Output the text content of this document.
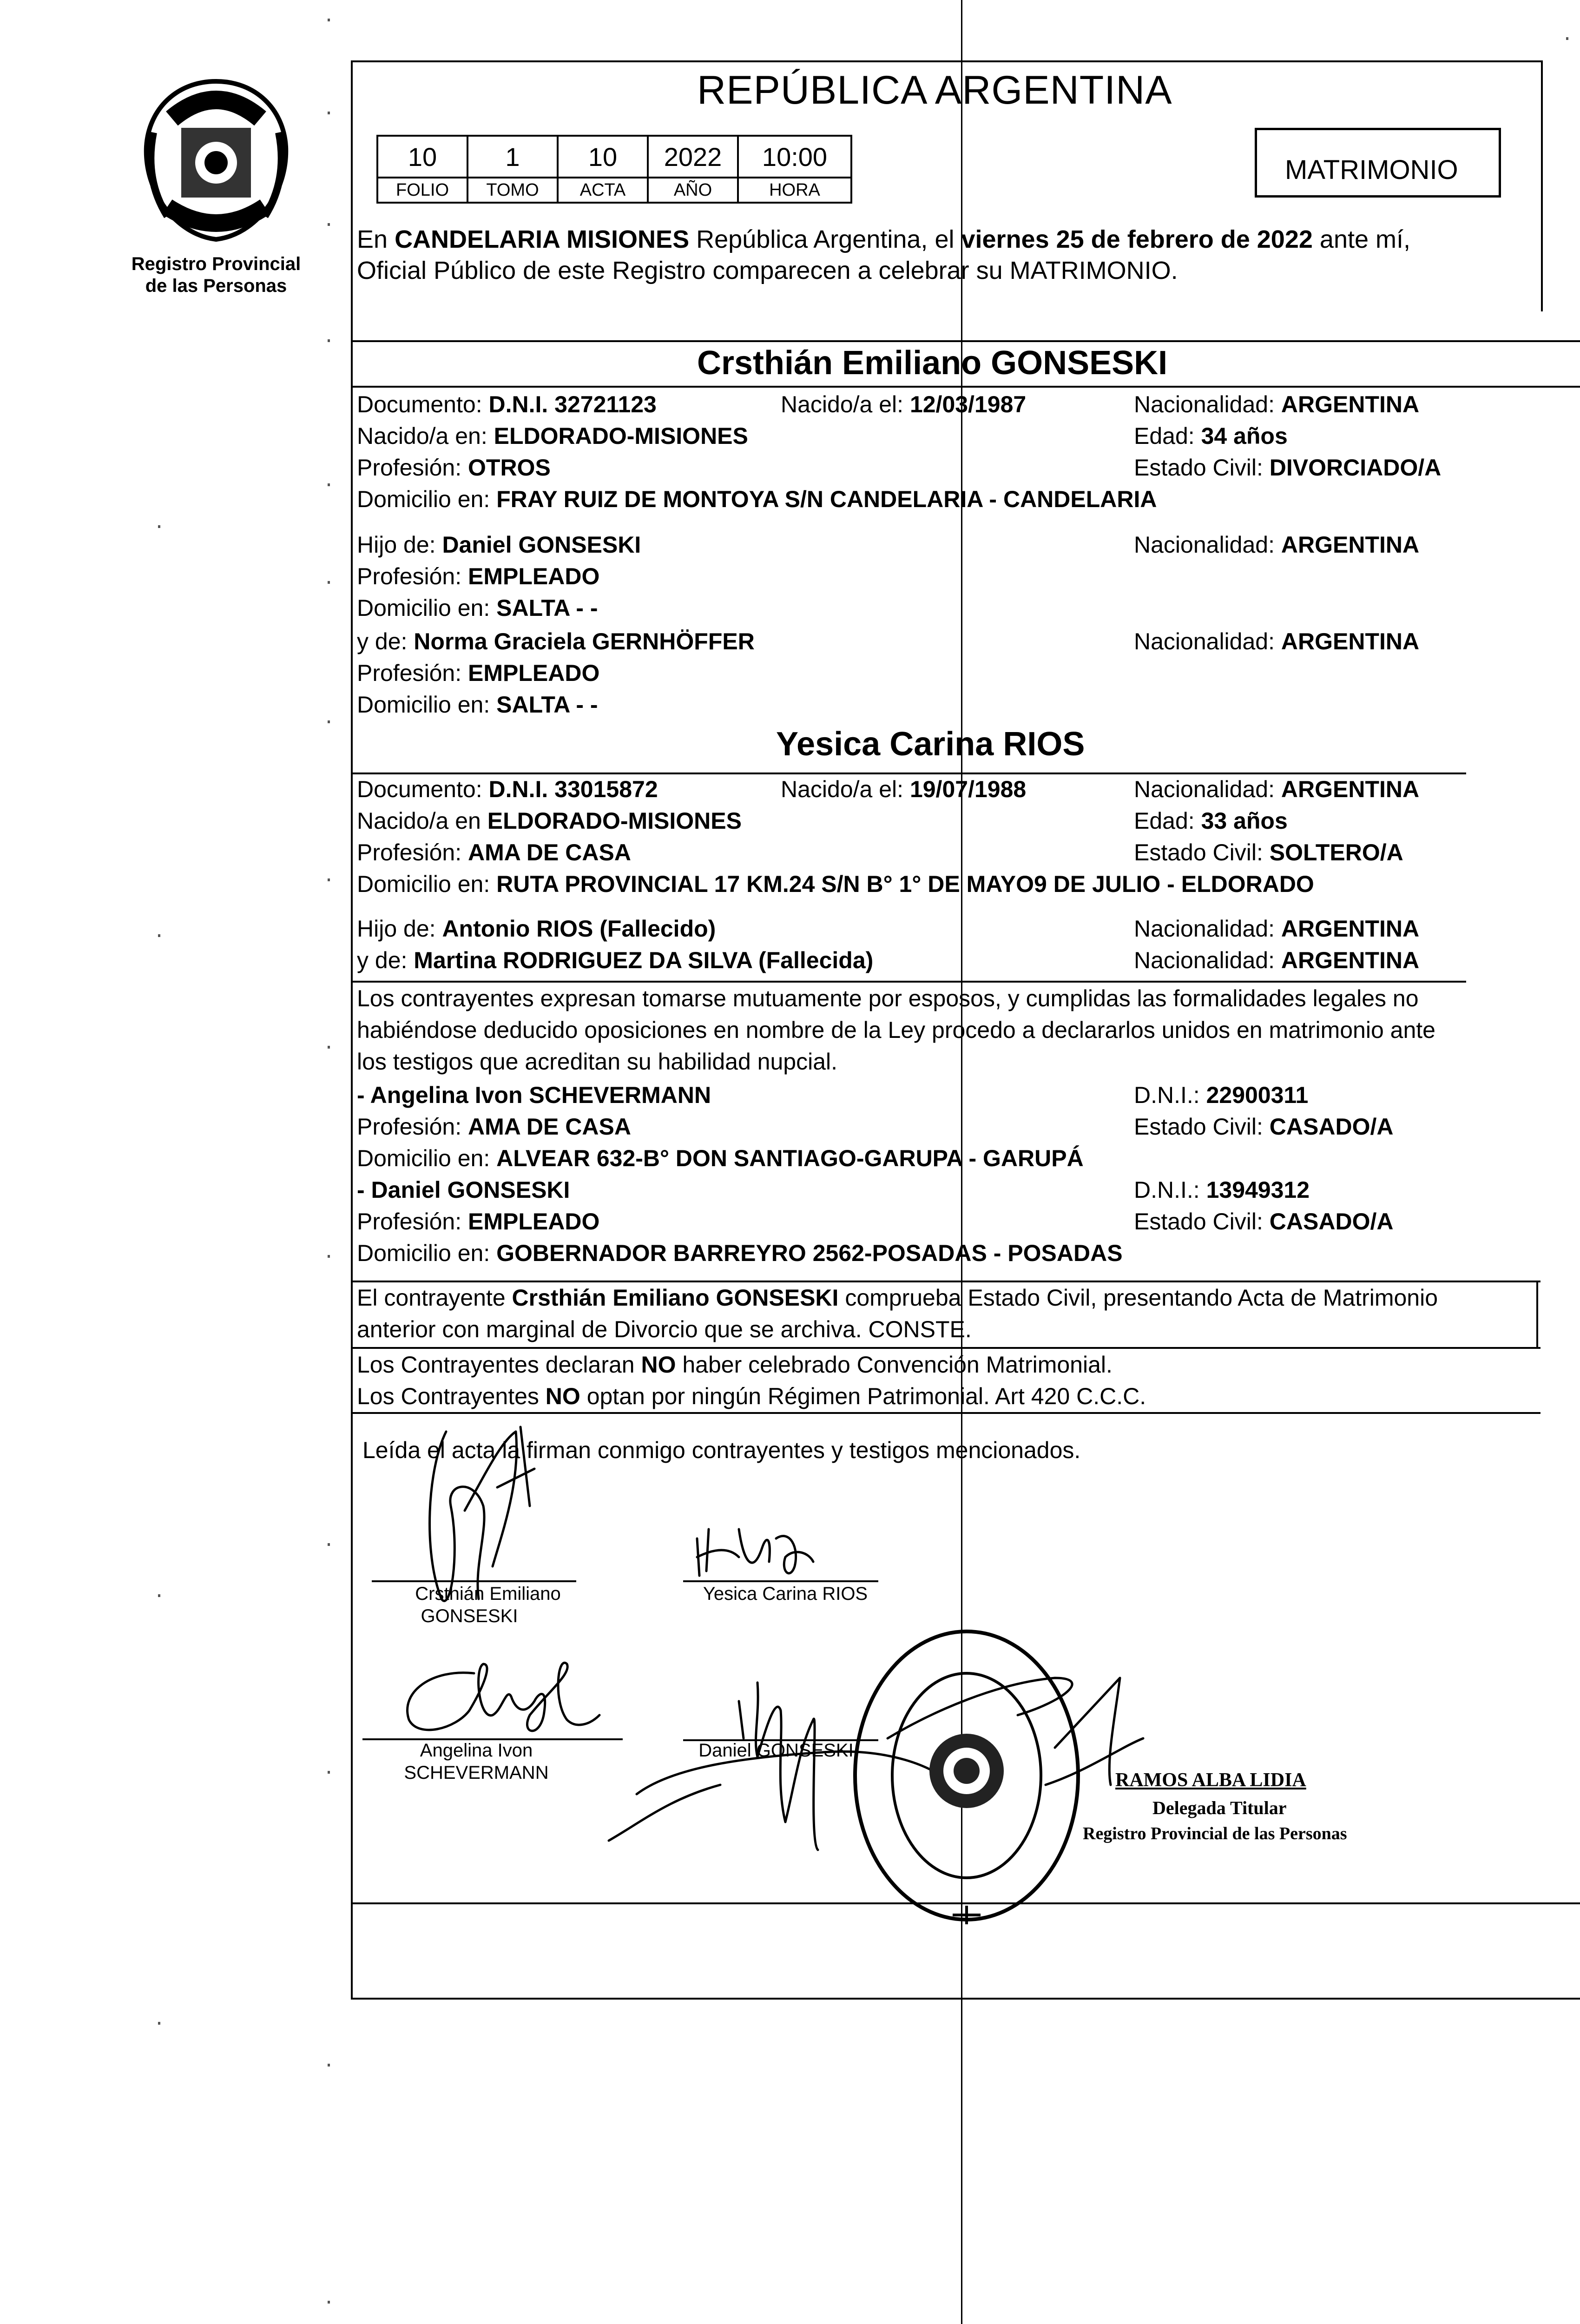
Registro Provincial
de las Personas
REPÚBLICA ARGENTINA
10	1	10	2022	10:00
FOLIO	TOMO	ACTA	AÑO	HORA
MATRIMONIO
En CANDELARIA MISIONES República Argentina, el viernes 25 de febrero de 2022 ante mí,
Oficial Público de este Registro comparecen a celebrar su MATRIMONIO.
Crsthián Emiliano GONSESKI
Documento: D.N.I. 32721123	Nacido/a el: 12/03/1987	Nacionalidad: ARGENTINA
Nacido/a en: ELDORADO-MISIONES	Edad: 34 años
Profesión: OTROS	Estado Civil: DIVORCIADO/A
Domicilio en: FRAY RUIZ DE MONTOYA S/N CANDELARIA - CANDELARIA
Hijo de: Daniel GONSESKI	Nacionalidad: ARGENTINA
Profesión: EMPLEADO
Domicilio en: SALTA - -
y de: Norma Graciela GERNHÖFFER	Nacionalidad: ARGENTINA
Profesión: EMPLEADO
Domicilio en: SALTA - -
Yesica Carina RIOS
Documento: D.N.I. 33015872	Nacido/a el: 19/07/1988	Nacionalidad: ARGENTINA
Nacido/a en ELDORADO-MISIONES	Edad: 33 años
Profesión: AMA DE CASA	Estado Civil: SOLTERO/A
Domicilio en: RUTA PROVINCIAL 17 KM.24 S/N B° 1° DE MAYO9 DE JULIO - ELDORADO
Hijo de: Antonio RIOS (Fallecido)	Nacionalidad: ARGENTINA
y de: Martina RODRIGUEZ DA SILVA (Fallecida)	Nacionalidad: ARGENTINA
Los contrayentes expresan tomarse mutuamente por esposos, y cumplidas las formalidades legales no
habiéndose deducido oposiciones en nombre de la Ley procedo a declararlos unidos en matrimonio ante
los testigos que acreditan su habilidad nupcial.
- Angelina Ivon SCHEVERMANN	D.N.I.: 22900311
Profesión: AMA DE CASA	Estado Civil: CASADO/A
Domicilio en: ALVEAR 632-B° DON SANTIAGO-GARUPA - GARUPÁ
- Daniel GONSESKI	D.N.I.: 13949312
Profesión: EMPLEADO	Estado Civil: CASADO/A
Domicilio en: GOBERNADOR BARREYRO 2562-POSADAS - POSADAS
El contrayente Crsthián Emiliano GONSESKI comprueba Estado Civil, presentando Acta de Matrimonio
anterior con marginal de Divorcio que se archiva. CONSTE.
Los Contrayentes declaran NO haber celebrado Convención Matrimonial.
Los Contrayentes NO optan por ningún Régimen Patrimonial. Art 420 C.C.C.
Leída el acta la firman conmigo contrayentes y testigos mencionados.
Crsthián Emiliano
GONSESKI
Yesica Carina RIOS
Angelina Ivon
SCHEVERMANN
Daniel GONSESKI
RAMOS ALBA LIDIA
Delegada Titular
Registro Provincial de las Personas
